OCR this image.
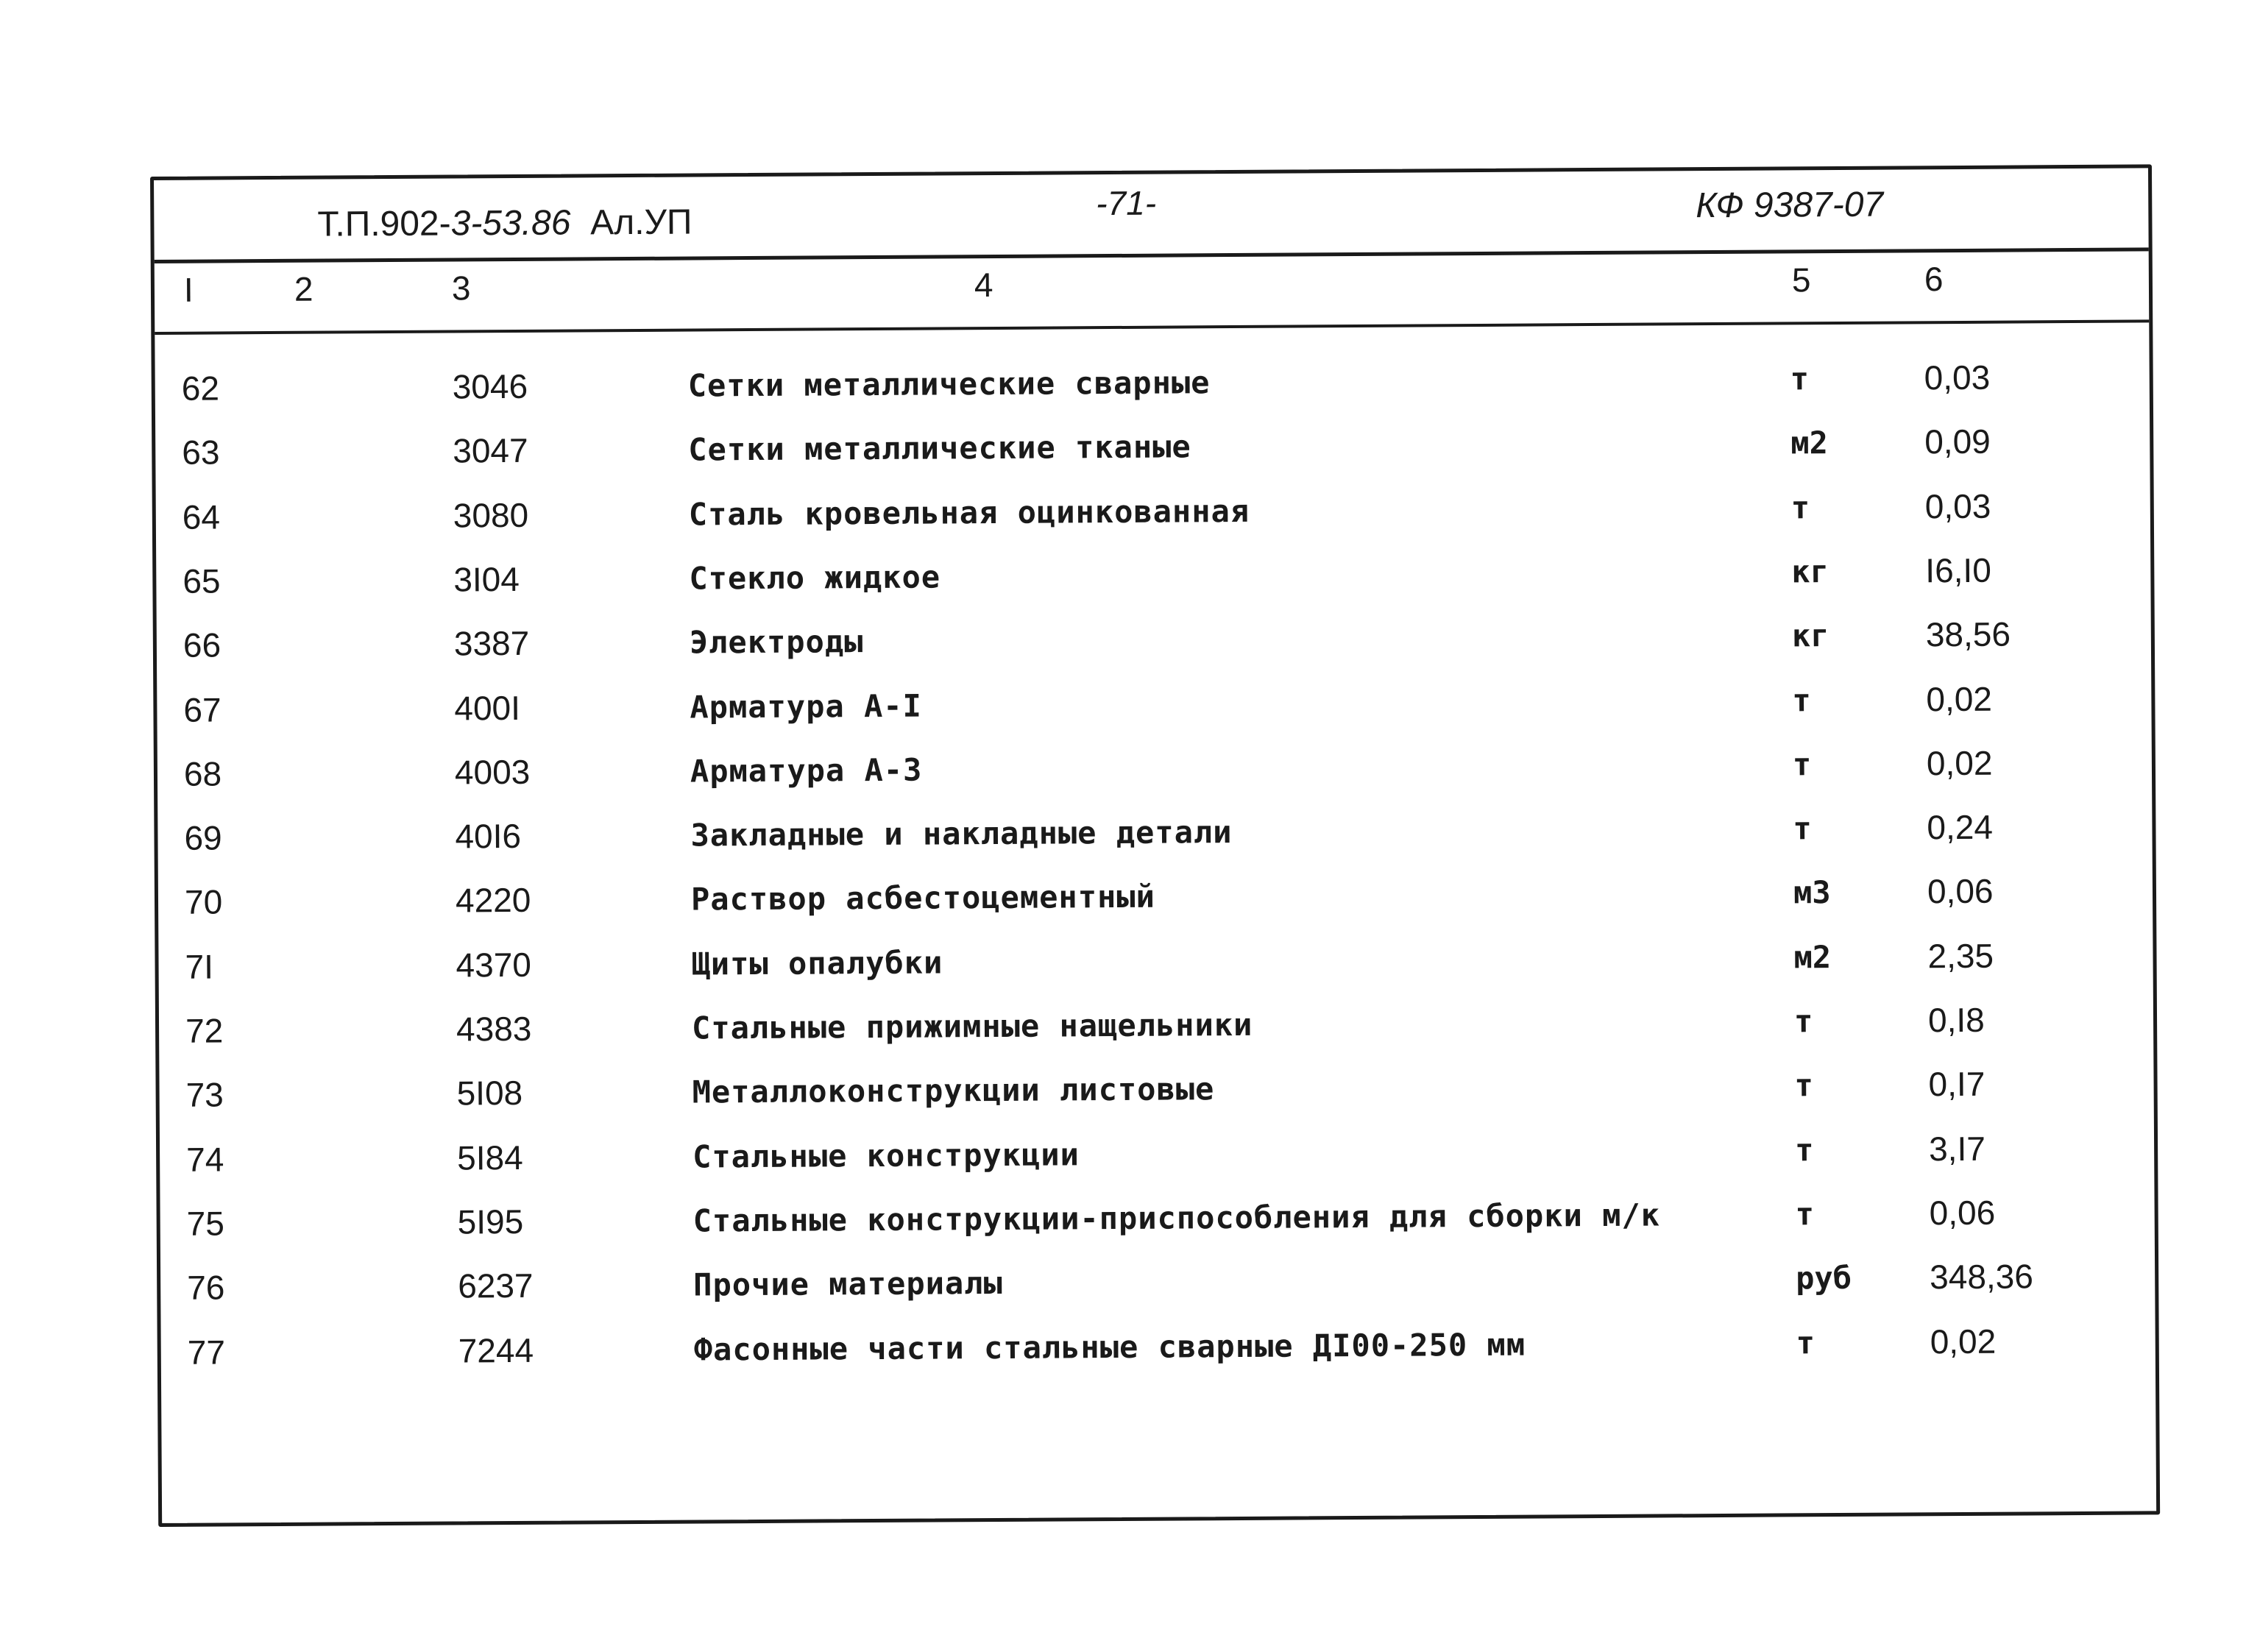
Т.П.902-3-53.86 Ал.УП	-71-	КФ 9387-07
I	2	3	4	5	6
62	3046	Сетки металлические сварные	т	0,03
63	3047	Сетки металлические тканые	м2	0,09
64	3080	Сталь кровельная оцинкованная	т	0,03
65	3I04	Стекло жидкое	кг	I6,I0
66	3387	Электроды	кг	38,56
67	400I	Арматура А-I	т	0,02
68	4003	Арматура А-3	т	0,02
69	40I6	Закладные и накладные детали	т	0,24
70	4220	Раствор асбестоцементный	м3	0,06
7I	4370	Щиты опалубки	м2	2,35
72	4383	Стальные прижимные нащельники	т	0,I8
73	5I08	Металлоконструкции листовые	т	0,I7
74	5I84	Стальные конструкции	т	3,I7
75	5I95	Стальные конструкции-приспособления для сборки м/к	т	0,06
76	6237	Прочие материалы	руб 348,36
77	7244	Фасонные части стальные сварные ДI00-250 мм	т	0,02
